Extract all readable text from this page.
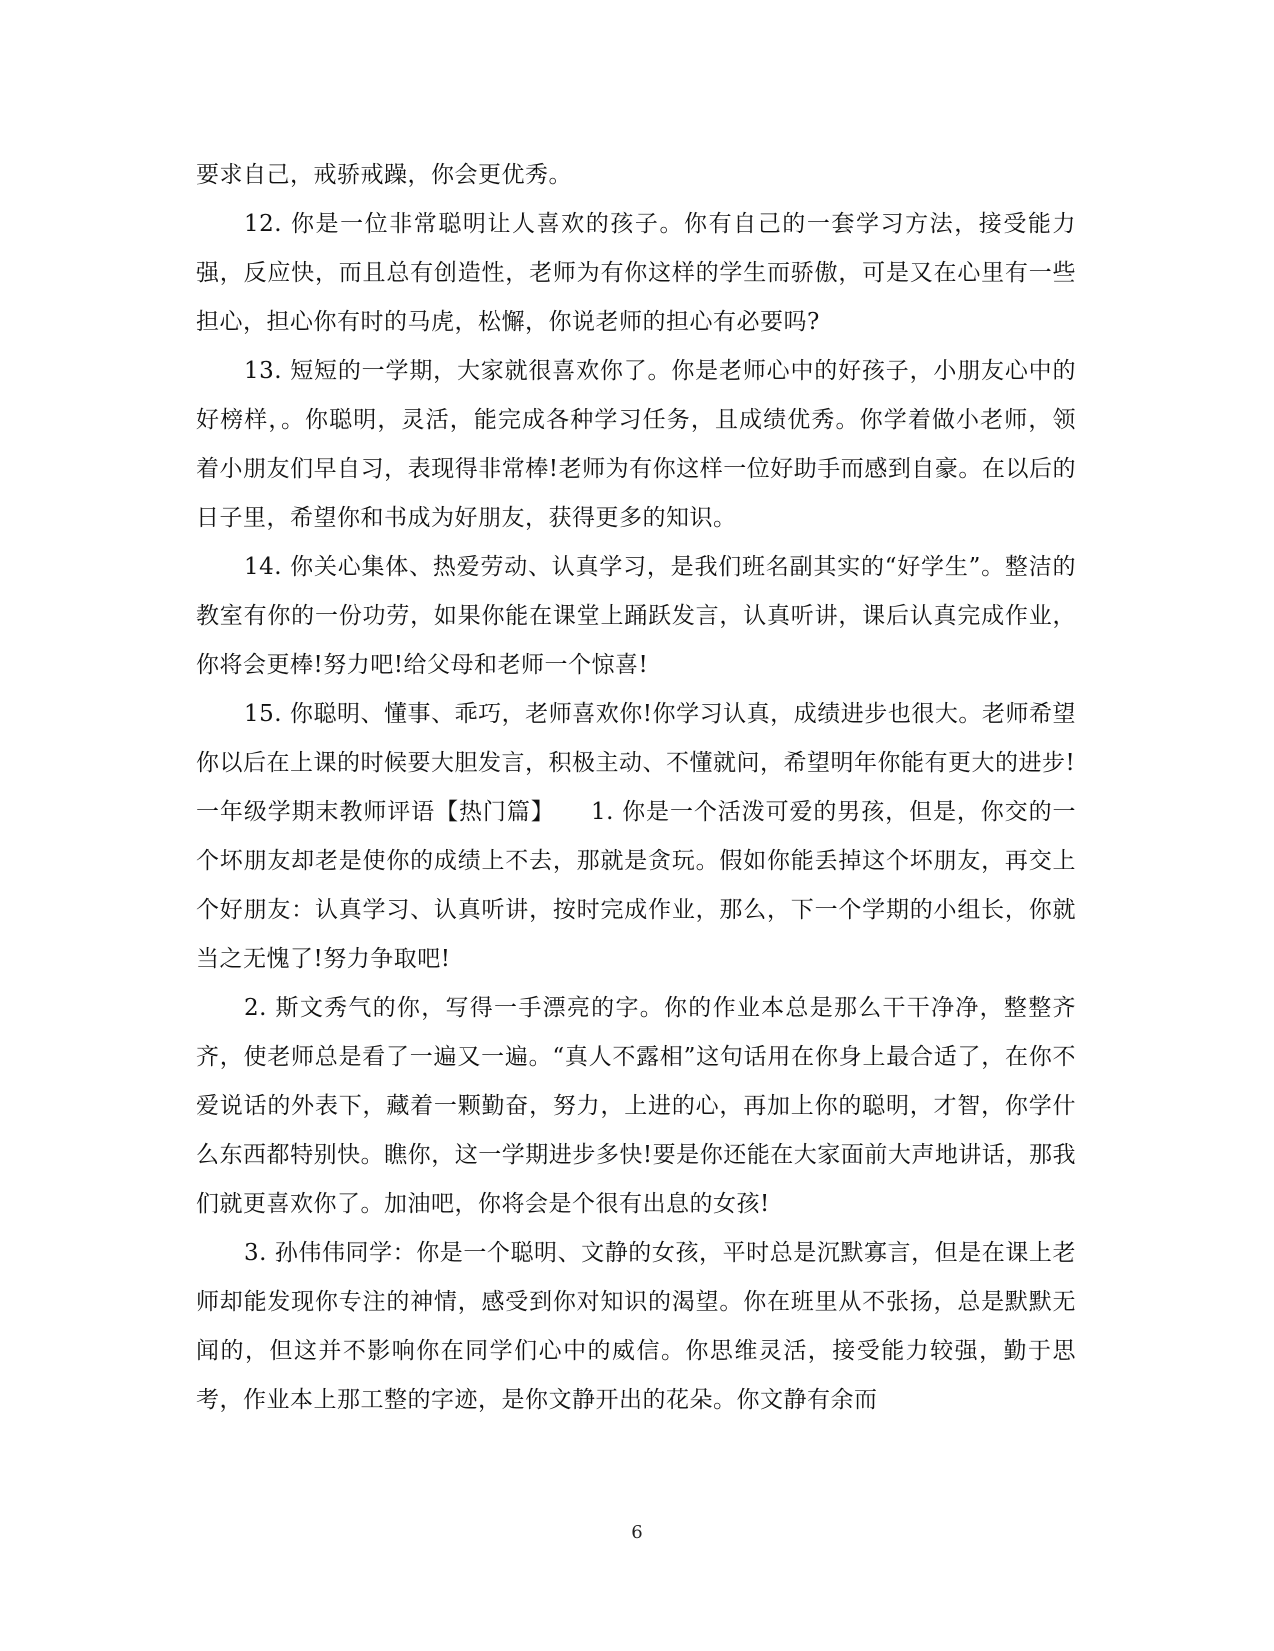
要求自己，戒骄戒躁，你会更优秀。

12. 你是一位非常聪明让人喜欢的孩子。你有自己的一套学习方法，接受能力强，反应快，而且总有创造性，老师为有你这样的学生而骄傲，可是又在心里有一些担心，担心你有时的马虎，松懈，你说老师的担心有必要吗?

13. 短短的一学期，大家就很喜欢你了。你是老师心中的好孩子，小朋友心中的好榜样，。你聪明，灵活，能完成各种学习任务，且成绩优秀。你学着做小老师，领着小朋友们早自习，表现得非常棒!老师为有你这样一位好助手而感到自豪。在以后的日子里，希望你和书成为好朋友，获得更多的知识。

14. 你关心集体、热爱劳动、认真学习，是我们班名副其实的“好学生”。整洁的教室有你的一份功劳，如果你能在课堂上踊跃发言，认真听讲，课后认真完成作业，你将会更棒!努力吧!给父母和老师一个惊喜!

15. 你聪明、懂事、乖巧，老师喜欢你!你学习认真，成绩进步也很大。老师希望你以后在上课的时候要大胆发言，积极主动、不懂就问，希望明年你能有更大的进步!

一年级学期末教师评语【热门篇】　　1. 你是一个活泼可爱的男孩，但是，你交的一个坏朋友却老是使你的成绩上不去，那就是贪玩。假如你能丢掉这个坏朋友，再交上个好朋友：认真学习、认真听讲，按时完成作业，那么，下一个学期的小组长，你就当之无愧了!努力争取吧!

2. 斯文秀气的你，写得一手漂亮的字。你的作业本总是那么干干净净，整整齐齐，使老师总是看了一遍又一遍。“真人不露相”这句话用在你身上最合适了，在你不爱说话的外表下，藏着一颗勤奋，努力，上进的心，再加上你的聪明，才智，你学什么东西都特别快。瞧你，这一学期进步多快!要是你还能在大家面前大声地讲话，那我们就更喜欢你了。加油吧，你将会是个很有出息的女孩!

3. 孙伟伟同学：你是一个聪明、文静的女孩，平时总是沉默寡言，但是在课上老师却能发现你专注的神情，感受到你对知识的渴望。你在班里从不张扬，总是默默无闻的，但这并不影响你在同学们心中的威信。你思维灵活，接受能力较强，勤于思考，作业本上那工整的字迹，是你文静开出的花朵。你文静有余而

6
